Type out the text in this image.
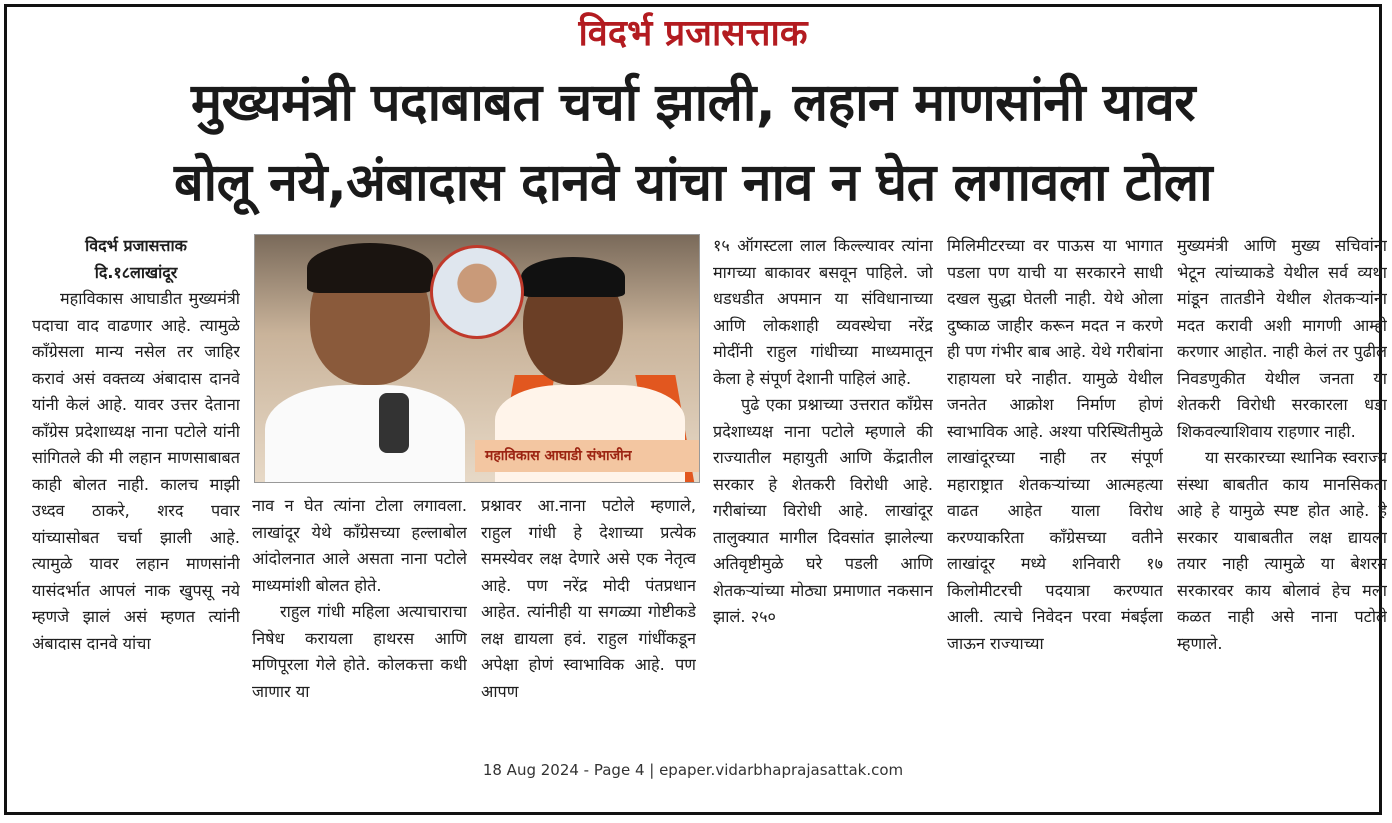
विदर्भ प्रजासत्ताक
मुख्यमंत्री पदाबाबत चर्चा झाली, लहान माणसांनी यावर
बोलू नये,अंबादास दानवे यांचा नाव न घेत लगावला टोला
विदर्भ प्रजासत्ताक
दि.१८लाखांदूर

महाविकास आघाडीत मुख्यमंत्री पदाचा वाद वाढणार आहे. त्यामुळे काँग्रेसला मान्य नसेल तर जाहिर करावं असं वक्तव्य अंबादास दानवे यांनी केलं आहे. यावर उत्तर देताना काँग्रेस प्रदेशाध्यक्ष नाना पटोले यांनी सांगितले की मी लहान माणसाबाबत काही बोलत नाही. कालच माझी उध्दव ठाकरे, शरद पवार यांच्यासोबत चर्चा झाली आहे. त्यामुळे यावर लहान माणसांनी यासंदर्भात आपलं नाक खुपसू नये म्हणजे झालं असं म्हणत त्यांनी अंबादास दानवे यांचा

महाविकास आघाडी संभाजीन

नाव न घेत त्यांना टोला लगावला. लाखांदूर येथे काँग्रेसच्या हल्लाबोल आंदोलनात आले असता नाना पटोले माध्यमांशी बोलत होते.

राहुल गांधी महिला अत्याचाराचा निषेध करायला हाथरस आणि मणिपूरला गेले होते. कोलकत्ता कधी जाणार या

प्रश्नावर आ.नाना पटोले म्हणाले, राहुल गांधी हे देशाच्या प्रत्येक समस्येवर लक्ष देणारे असे एक नेतृत्व आहे. पण नरेंद्र मोदी पंतप्रधान आहेत. त्यांनीही या सगळ्या गोष्टीकडे लक्ष द्यायला हवं. राहुल गांधींकडून अपेक्षा होणं स्वाभाविक आहे. पण आपण

१५ ऑगस्टला लाल किल्ल्यावर त्यांना मागच्या बाकावर बसवून पाहिले. जो धडधडीत अपमान या संविधानाच्या आणि लोकशाही व्यवस्थेचा नरेंद्र मोदींनी राहुल गांधीच्या माध्यमातून केला हे संपूर्ण देशानी पाहिलं आहे.

पुढे एका प्रश्नाच्या उत्तरात काँग्रेस प्रदेशाध्यक्ष नाना पटोले म्हणाले की राज्यातील महायुती आणि केंद्रातील सरकार हे शेतकरी विरोधी आहे. गरीबांच्या विरोधी आहे. लाखांदूर तालुक्यात मागील दिवसांत झालेल्या अतिवृष्टीमुळे घरे पडली आणि शेतकऱ्यांच्या मोठ्या प्रमाणात नकसान झालं. २५०

मिलिमीटरच्या वर पाऊस या भागात पडला पण याची या सरकारने साधी दखल सुद्धा घेतली नाही. येथे ओला दुष्काळ जाहीर करून मदत न करणे ही पण गंभीर बाब आहे. येथे गरीबांना राहायला घरे नाहीत. यामुळे येथील जनतेत आक्रोश निर्माण होणं स्वाभाविक आहे. अश्या परिस्थितीमुळे लाखांदूरच्या नाही तर संपूर्ण महाराष्ट्रात शेतकऱ्यांच्या आत्महत्या वाढत आहेत याला विरोध करण्याकरिता काँग्रेसच्या वतीने लाखांदूर मध्ये शनिवारी १७ किलोमीटरची पदयात्रा करण्यात आली. त्याचे निवेदन परवा मंबईला जाऊन राज्याच्या

मुख्यमंत्री आणि मुख्य सचिवांना भेटून त्यांच्याकडे येथील सर्व व्यथा मांडून तातडीने येथील शेतकऱ्यांना मदत करावी अशी मागणी आम्ही करणार आहोत. नाही केलं तर पुढील निवडणुकीत येथील जनता या शेतकरी विरोधी सरकारला धडा शिकवल्याशिवाय राहणार नाही.

या सरकारच्या स्थानिक स्वराज्य संस्था बाबतीत काय मानसिकता आहे हे यामुळे स्पष्ट होत आहे. हे सरकार याबाबतीत लक्ष द्यायला तयार नाही त्यामुळे या बेशरम सरकारवर काय बोलावं हेच मला कळत नाही असे नाना पटोले म्हणाले.

18 Aug 2024 - Page 4 | epaper.vidarbhaprajasattak.com
